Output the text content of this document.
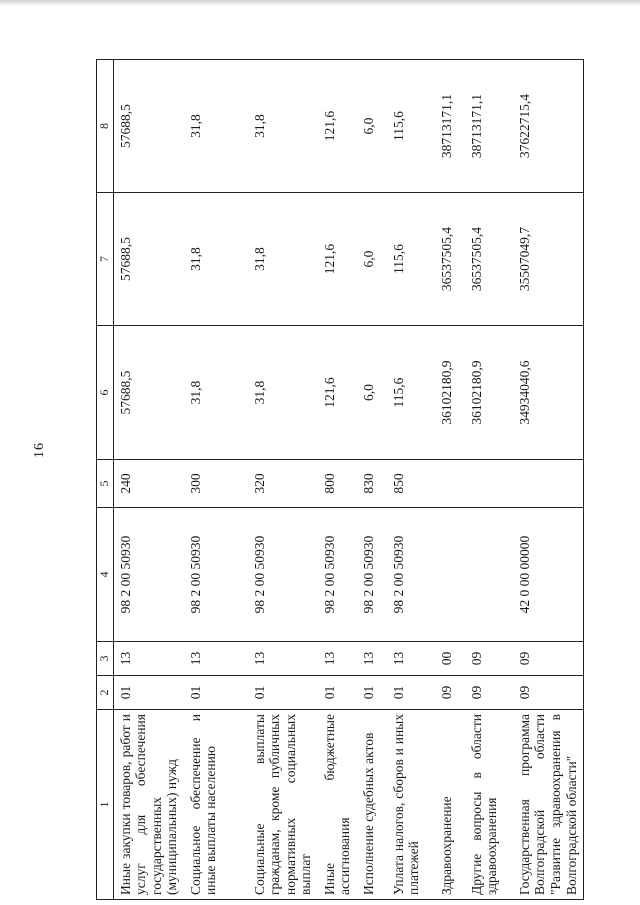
16
1	2	3	4	5	6	7	8
Иные закупки товаров, работ и услуг для обеспечения государственных (муниципальных) нужд	01	13	98 2 00 50930	240	57688,5	57688,5	57688,5
Социальное обеспечение и иные выплаты населению	01	13	98 2 00 50930	300	31,8	31,8	31,8
Социальные выплаты гражданам, кроме публичных нормативных социальных выплат	01	13	98 2 00 50930	320	31,8	31,8	31,8
Иные бюджетные ассигнования	01	13	98 2 00 50930	800	121,6	121,6	121,6
Исполнение судебных актов	01	13	98 2 00 50930	830	6,0	6,0	6,0
Уплата налогов, сборов и иных платежей	01	13	98 2 00 50930	850	115,6	115,6	115,6
Здравоохранение	09	00			36102180,9	36537505,4	38713171,1
Другие вопросы в области здравоохранения	09	09			36102180,9	36537505,4	38713171,1
Государственная программа Волгоградской области "Развитие здравоохранения в Волгоградской области"	09	09	42 0 00 00000		34934040,6	35507049,7	37622715,4
